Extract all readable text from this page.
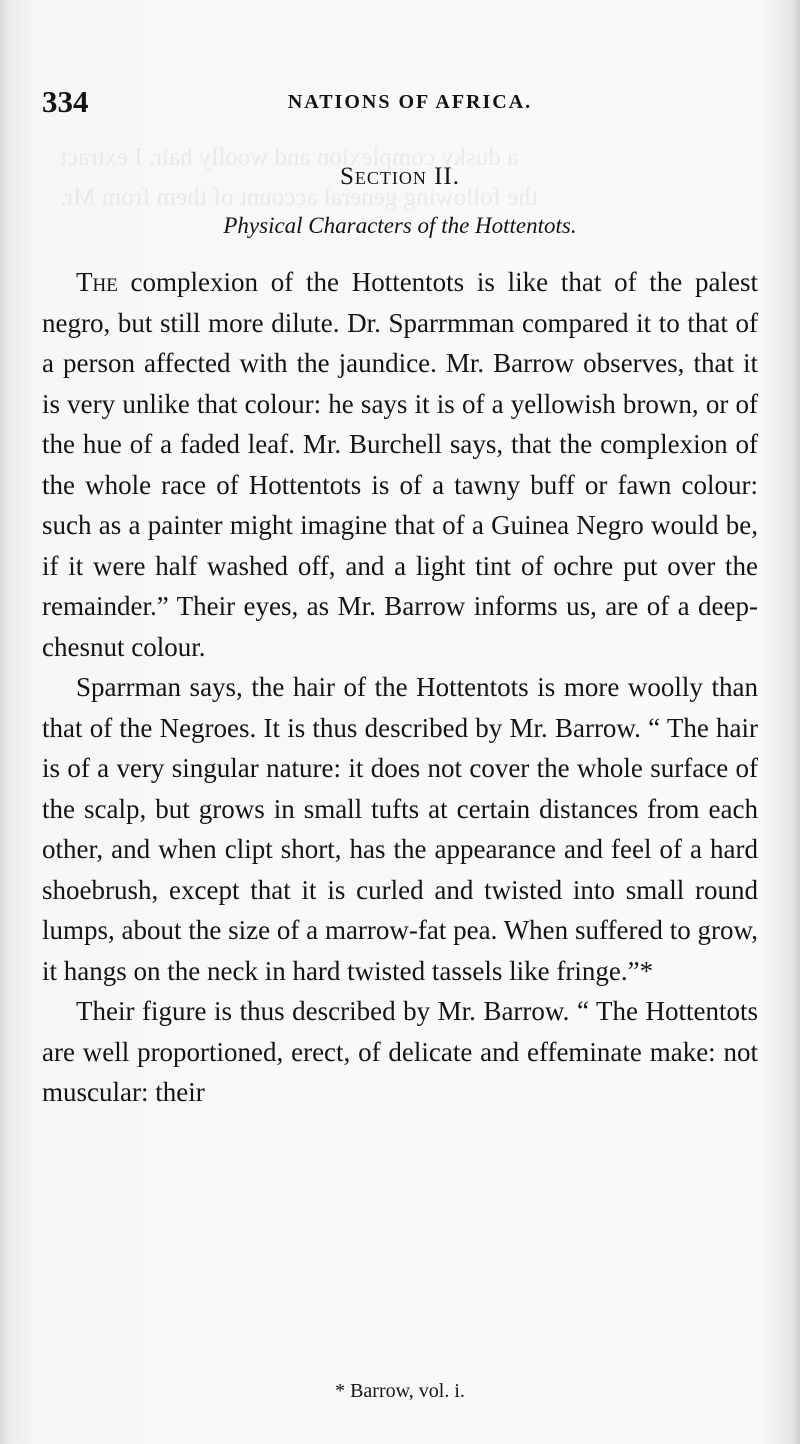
a dusky complexion and woolly hair. I extract
the following general account of them from Mr.
334	NATIONS OF AFRICA.
Section II.
Physical Characters of the Hottentots.

The complexion of the Hottentots is like that of the palest negro, but still more dilute. Dr. Sparrmman compared it to that of a person affected with the jaundice. Mr. Barrow observes, that it is very unlike that colour: he says it is of a yellowish brown, or of the hue of a faded leaf. Mr. Burchell says, that the complexion of the whole race of Hottentots is of a tawny buff or fawn colour: such as a painter might imagine that of a Guinea Negro would be, if it were half washed off, and a light tint of ochre put over the remainder.” Their eyes, as Mr. Barrow informs us, are of a deep-chesnut colour.

Sparrman says, the hair of the Hottentots is more woolly than that of the Negroes. It is thus described by Mr. Barrow. “ The hair is of a very singular nature: it does not cover the whole surface of the scalp, but grows in small tufts at certain distances from each other, and when clipt short, has the appearance and feel of a hard shoebrush, except that it is curled and twisted into small round lumps, about the size of a marrow-fat pea. When suffered to grow, it hangs on the neck in hard twisted tassels like fringe.”*

Their figure is thus described by Mr. Barrow. “ The Hottentots are well proportioned, erect, of delicate and effeminate make: not muscular: their

* Barrow, vol. i.
